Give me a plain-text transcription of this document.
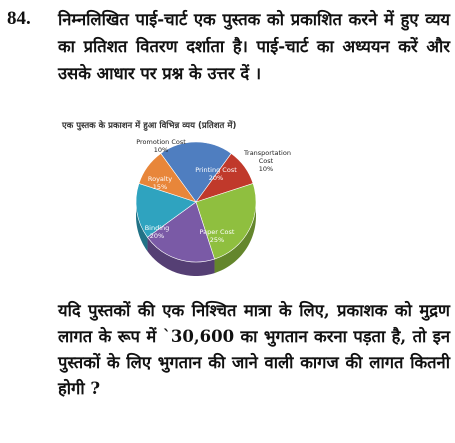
84. निम्नलिखित पाई-चार्ट एक पुस्तक को प्रकाशित करने में हुए व्यय का प्रतिशत वितरण दर्शाता है। पाई-चार्ट का अध्ययन करें और उसके आधार पर प्रश्न के उत्तर दें ।

एक पुस्तक के प्रकाशन में हुआ विभिन्न व्यय (प्रतिशत में)
Promotion Cost
10%
Printing Cost
20%
Transportation Cost
10%
Paper Cost
25%
Binding
20%
Royalty
15%

यदि पुस्तकों की एक निश्चित मात्रा के लिए, प्रकाशक को मुद्रण लागत के रूप में `30,600 का भुगतान करना पड़ता है, तो इन पुस्तकों के लिए भुगतान की जाने वाली कागज की लागत कितनी होगी ?
